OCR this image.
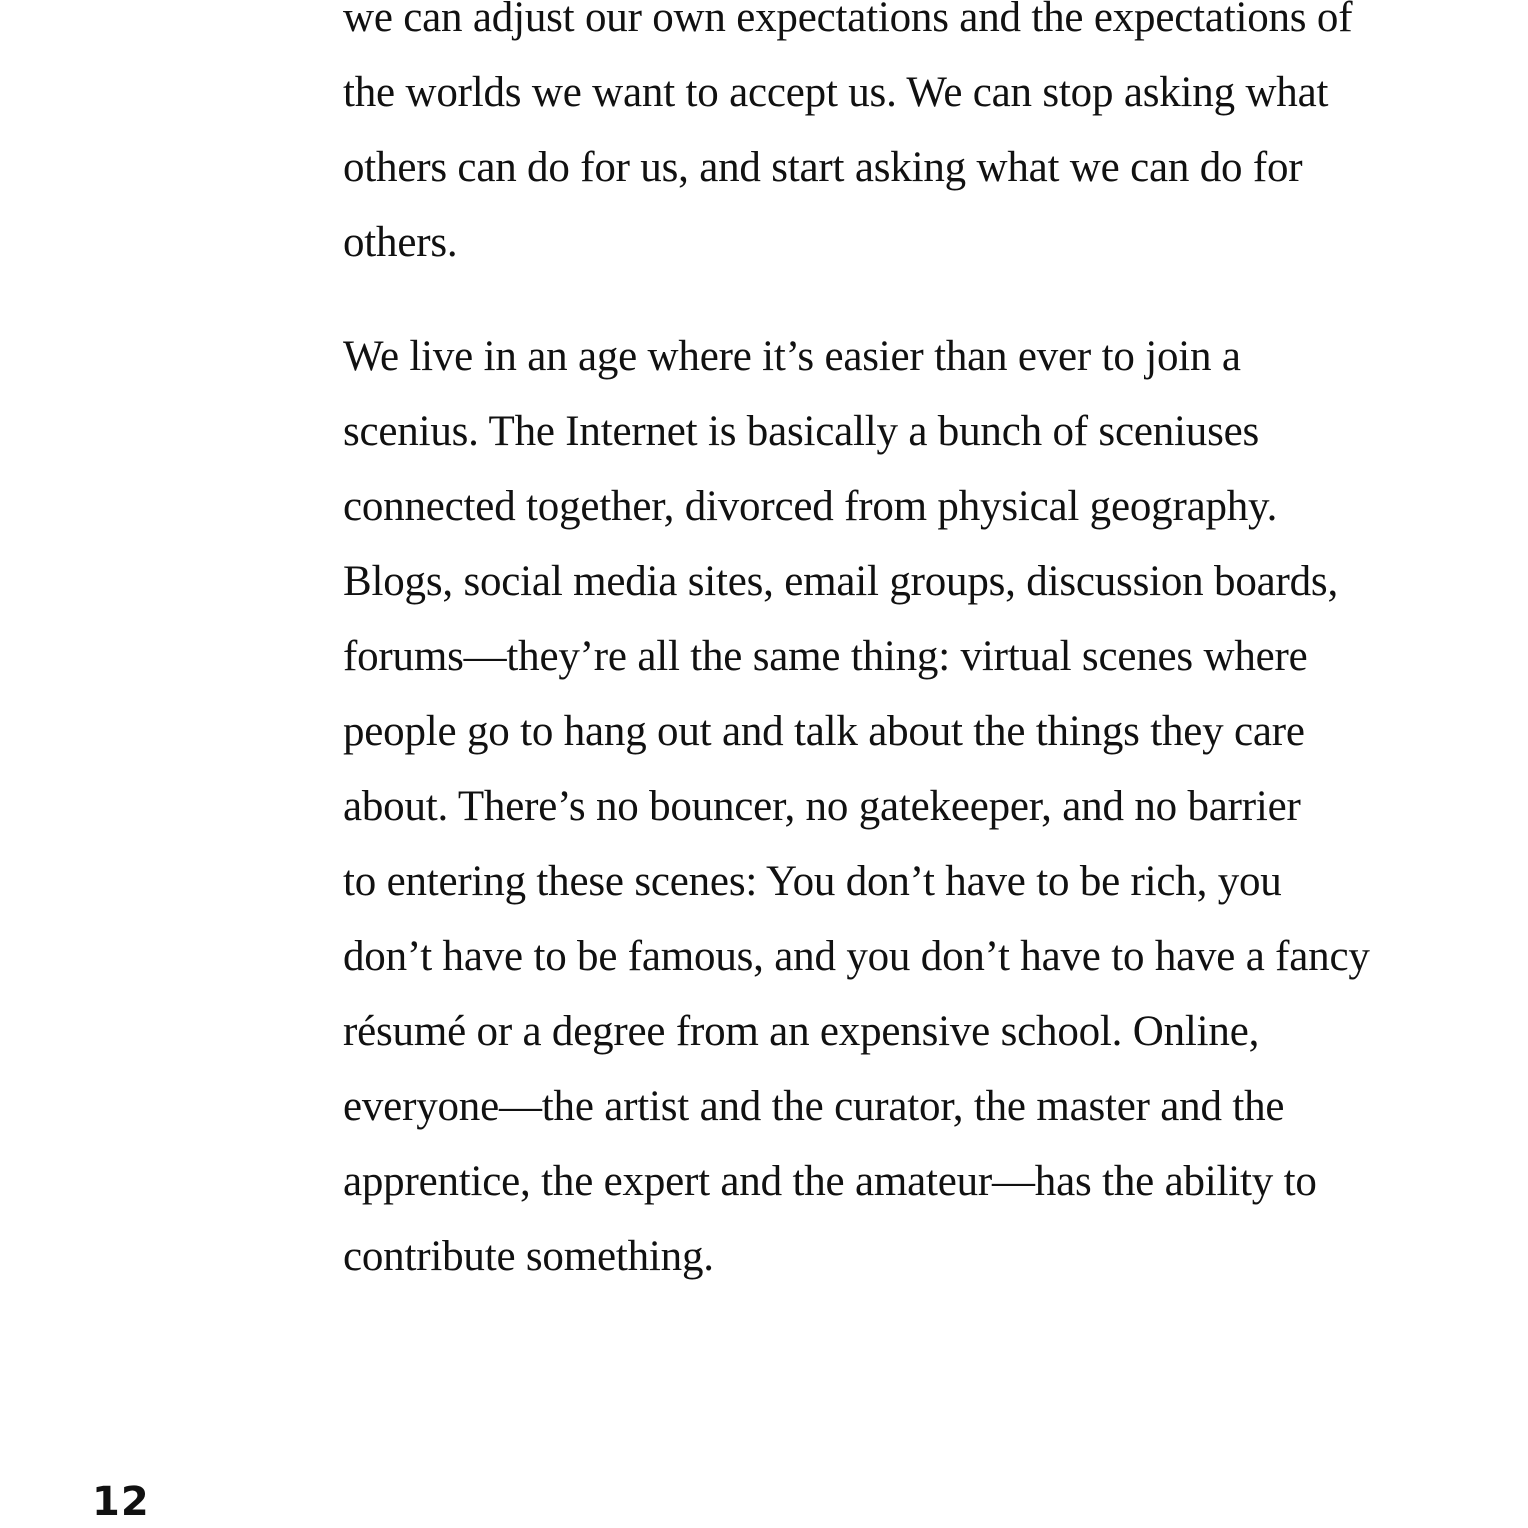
we can adjust our own expectations and the expectations of
the worlds we want to accept us. We can stop asking what
others can do for us, and start asking what we can do for
others.

We live in an age where it’s easier than ever to join a
scenius. The Internet is basically a bunch of sceniuses
connected together, divorced from physical geography.
Blogs, social media sites, email groups, discussion boards,
forums—they’re all the same thing: virtual scenes where
people go to hang out and talk about the things they care
about. There’s no bouncer, no gatekeeper, and no barrier
to entering these scenes: You don’t have to be rich, you
don’t have to be famous, and you don’t have to have a fancy
résumé or a degree from an expensive school. Online,
everyone—the artist and the curator, the master and the
apprentice, the expert and the amateur—has the ability to
contribute something.

12
